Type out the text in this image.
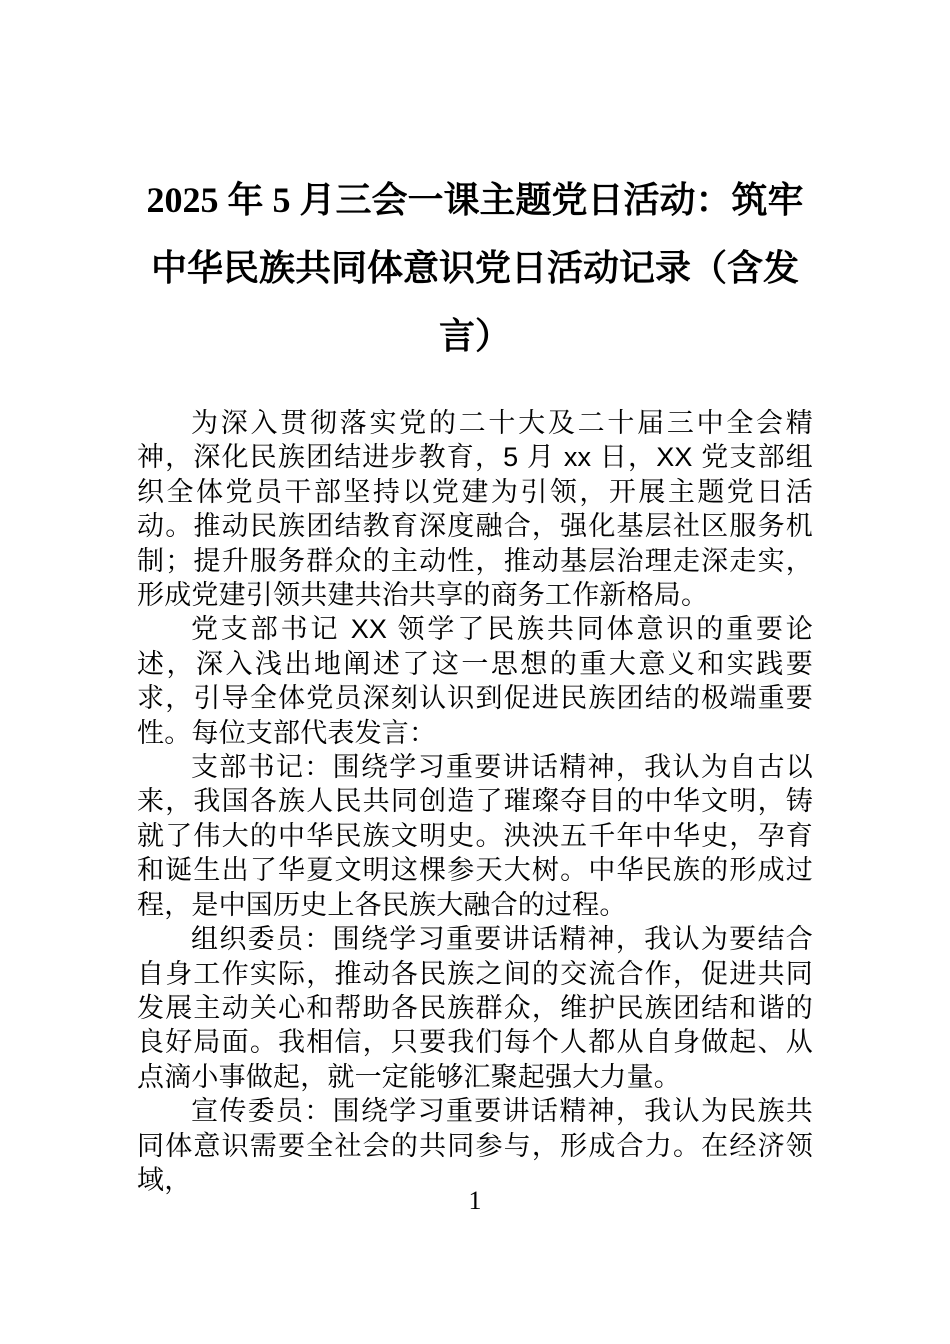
2025 年 5 月三会一课主题党日活动：筑牢
中华民族共同体意识党日活动记录（含发
言）

为深入贯彻落实党的二十大及二十届三中全会精神，深化民族团结进步教育，5 月 xx 日，XX 党支部组织全体党员干部坚持以党建为引领，开展主题党日活动。推动民族团结教育深度融合，强化基层社区服务机制；提升服务群众的主动性，推动基层治理走深走实，形成党建引领共建共治共享的商务工作新格局。

党支部书记 XX 领学了民族共同体意识的重要论述，深入浅出地阐述了这一思想的重大意义和实践要求，引导全体党员深刻认识到促进民族团结的极端重要性。每位支部代表发言：

支部书记：围绕学习重要讲话精神，我认为自古以来，我国各族人民共同创造了璀璨夺目的中华文明，铸就了伟大的中华民族文明史。泱泱五千年中华史，孕育和诞生出了华夏文明这棵参天大树。中华民族的形成过程，是中国历史上各民族大融合的过程。

组织委员：围绕学习重要讲话精神，我认为要结合自身工作实际，推动各民族之间的交流合作，促进共同发展主动关心和帮助各民族群众，维护民族团结和谐的良好局面。我相信，只要我们每个人都从自身做起、从点滴小事做起，就一定能够汇聚起强大力量。

宣传委员：围绕学习重要讲话精神，我认为民族共同体意识需要全社会的共同参与，形成合力。在经济领域，

1
